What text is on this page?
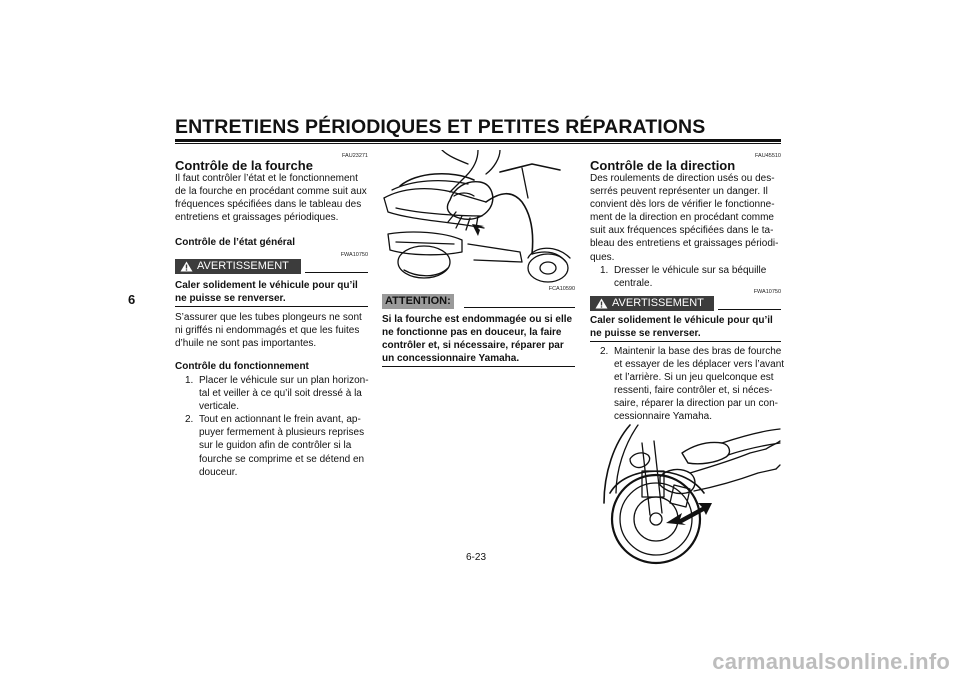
ENTRETIENS PÉRIODIQUES ET PETITES RÉPARATIONS
6
FAU23271
Contrôle de la fourche
Il faut contrôler l’état et le fonctionnement
de la fourche en procédant comme suit aux
fréquences spécifiées dans le tableau des
entretiens et graissages périodiques.
Contrôle de l’état général
FWA10750
AVERTISSEMENT
Caler solidement le véhicule pour qu’il
ne puisse se renverser.
S’assurer que les tubes plongeurs ne sont
ni griffés ni endommagés et que les fuites
d’huile ne sont pas importantes.
Contrôle du fonctionnement
1. Placer le véhicule sur un plan horizon-
tal et veiller à ce qu’il soit dressé à la
verticale.
2. Tout en actionnant le frein avant, ap-
puyer fermement à plusieurs reprises
sur le guidon afin de contrôler si la
fourche se comprime et se détend en
douceur.
FCA10590
ATTENTION:
Si la fourche est endommagée ou si elle
ne fonctionne pas en douceur, la faire
contrôler et, si nécessaire, réparer par
un concessionnaire Yamaha.
FAU45510
Contrôle de la direction
Des roulements de direction usés ou des-
serrés peuvent représenter un danger. Il
convient dès lors de vérifier le fonctionne-
ment de la direction en procédant comme
suit aux fréquences spécifiées dans le ta-
bleau des entretiens et graissages périodi-
ques.
1. Dresser le véhicule sur sa béquille
centrale.
FWA10750
AVERTISSEMENT
Caler solidement le véhicule pour qu’il
ne puisse se renverser.
2. Maintenir la base des bras de fourche
et essayer de les déplacer vers l’avant
et l’arrière. Si un jeu quelconque est
ressenti, faire contrôler et, si néces-
saire, réparer la direction par un con-
cessionnaire Yamaha.
6-23
carmanualsonline.info
